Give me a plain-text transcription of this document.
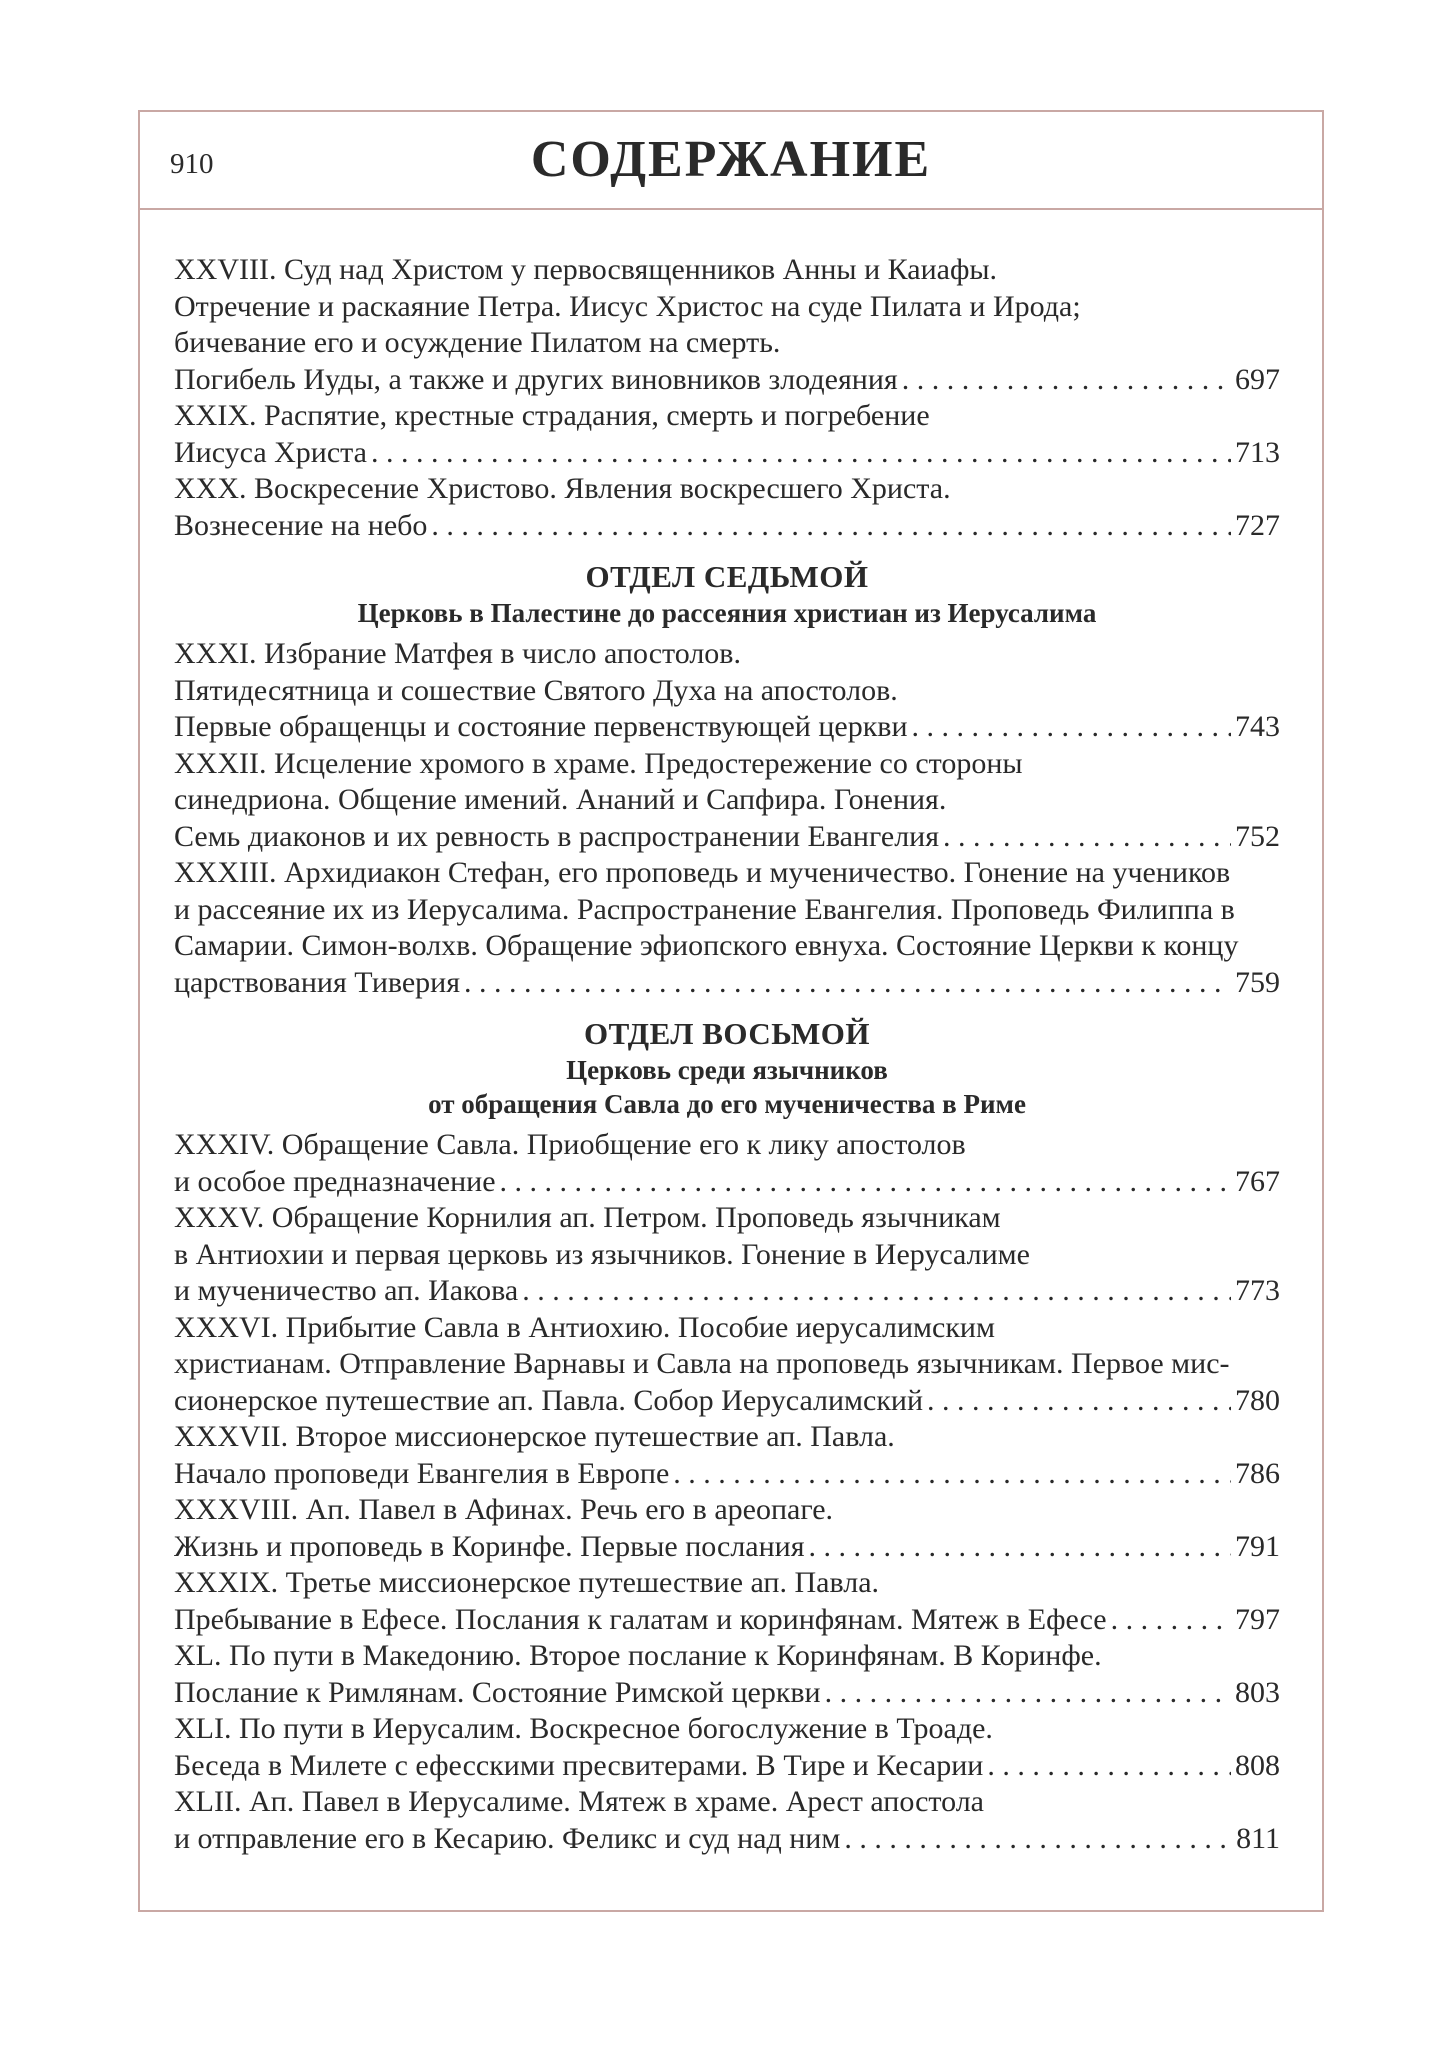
910	СОДЕРЖАНИЕ
XXVIII. Суд над Христом у первосвященников Анны и Каиафы.
Отречение и раскаяние Петра. Иисус Христос на суде Пилата и Ирода;
бичевание его и осуждение Пилатом на смерть.
Погибель Иуды, а также и других виновников злодеяния . . .	697
XXIX. Распятие, крестные страдания, смерть и погребение
Иисуса Христа . . .	713
XXX. Воскресение Христово. Явления воскресшего Христа.
Вознесение на небо . . .	727
ОТДЕЛ СЕДЬМОЙ
Церковь в Палестине до рассеяния христиан из Иерусалима
XXXI. Избрание Матфея в число апостолов.
Пятидесятница и сошествие Святого Духа на апостолов.
Первые обращенцы и состояние первенствующей церкви . . .	743
XXXII. Исцеление хромого в храме. Предостережение со стороны
синедриона. Общение имений. Ананий и Сапфира. Гонения.
Семь диаконов и их ревность в распространении Евангелия . . .	752
XXXIII. Архидиакон Стефан, его проповедь и мученичество. Гонение на учеников
и рассеяние их из Иерусалима. Распространение Евангелия. Проповедь Филиппа в
Самарии. Симон-волхв. Обращение эфиопского евнуха. Состояние Церкви к концу
царствования Тиверия . . .	759
ОТДЕЛ ВОСЬМОЙ
Церковь среди язычников
от обращения Савла до его мученичества в Риме
XXXIV. Обращение Савла. Приобщение его к лику апостолов
и особое предназначение . . .	767
XXXV. Обращение Корнилия ап. Петром. Проповедь язычникам
в Антиохии и первая церковь из язычников. Гонение в Иерусалиме
и мученичество ап. Иакова . . .	773
XXXVI. Прибытие Савла в Антиохию. Пособие иерусалимским
христианам. Отправление Варнавы и Савла на проповедь язычникам. Первое мис-
сионерское путешествие ап. Павла. Собор Иерусалимский . . .	780
XXXVII. Второе миссионерское путешествие ап. Павла.
Начало проповеди Евангелия в Европе . . .	786
XXXVIII. Ап. Павел в Афинах. Речь его в ареопаге.
Жизнь и проповедь в Коринфе. Первые послания . . .	791
XXXIX. Третье миссионерское путешествие ап. Павла.
Пребывание в Ефесе. Послания к галатам и коринфянам. Мятеж в Ефесе . . .	797
XL. По пути в Македонию. Второе послание к Коринфянам. В Коринфе.
Послание к Римлянам. Состояние Римской церкви . . .	803
XLI. По пути в Иерусалим. Воскресное богослужение в Троаде.
Беседа в Милете с ефесскими пресвитерами. В Тире и Кесарии . . .	808
XLII. Ап. Павел в Иерусалиме. Мятеж в храме. Арест апостола
и отправление его в Кесарию. Феликс и суд над ним . . .	811
